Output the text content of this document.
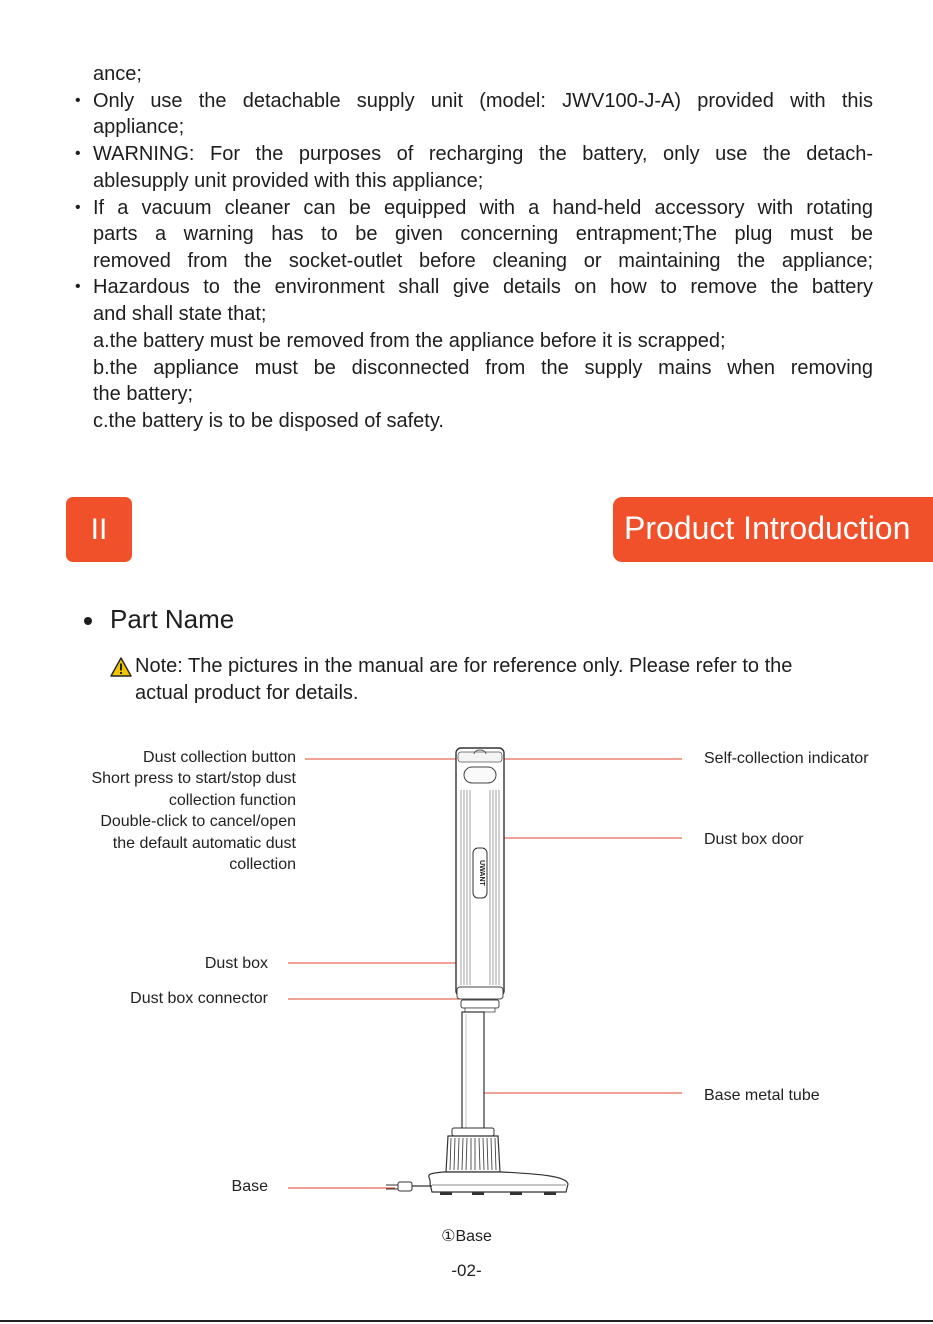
ance;
• Only use the detachable supply unit (model: JWV100-J-A) provided with this
appliance;
• WARNING: For the purposes of recharging the battery, only use the detach-
ablesupply unit provided with this appliance;
• If a vacuum cleaner can be equipped with a hand-held accessory with rotating
parts a warning has to be given concerning entrapment;The plug must be
removed from the socket-outlet before cleaning or maintaining the appliance;
• Hazardous to the environment shall give details on how to remove the battery
and shall state that;
a.the battery must be removed from the appliance before it is scrapped;
b.the appliance must be disconnected from the supply mains when removing
the battery;
c.the battery is to be disposed of safety.
II	Product Introduction
Part Name
Note: The pictures in the manual are for reference only. Please refer to the
actual product for details.
UWANT
Dust collection button
Short press to start/stop dust
collection function
Double-click to cancel/open
the default automatic dust
collection
Dust box
Dust box connector
Base
Self-collection indicator
Dust box door
Base metal tube
①Base
-02-
